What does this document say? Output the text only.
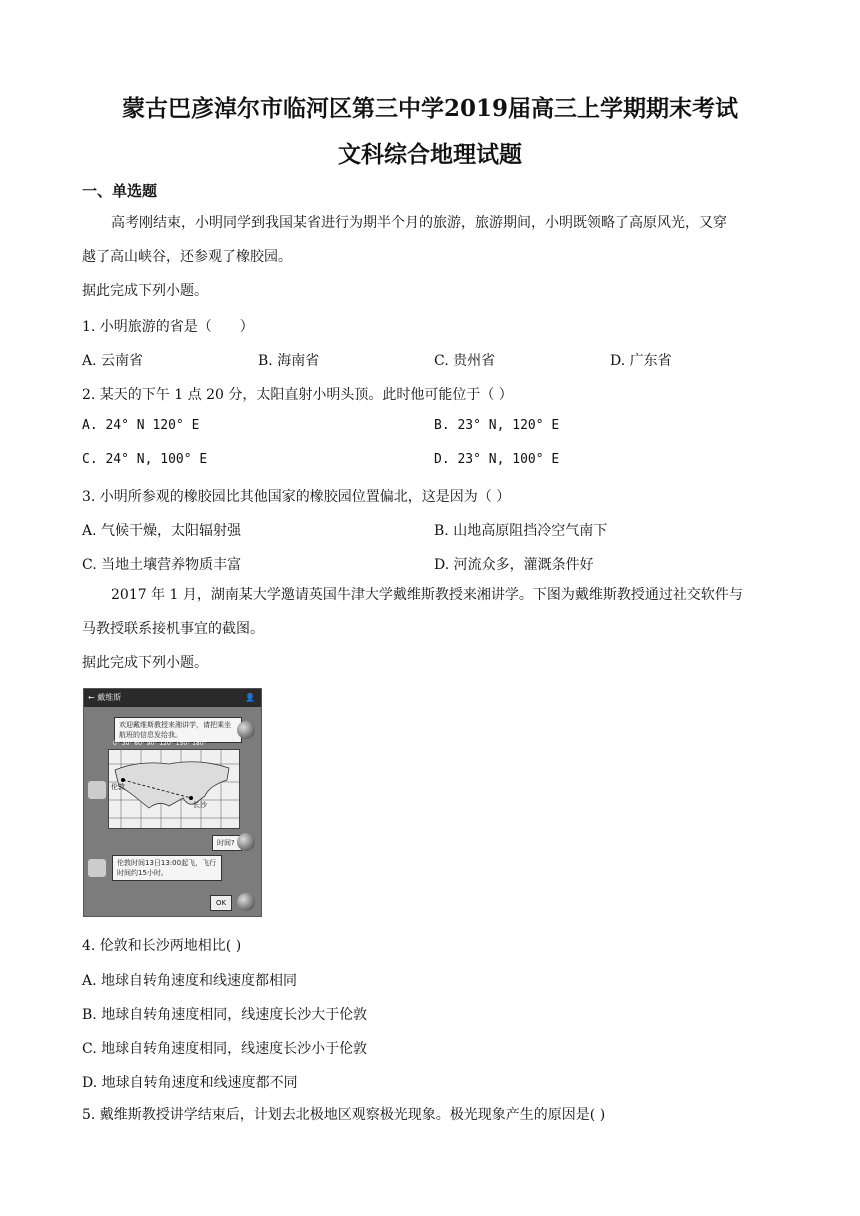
蒙古巴彦淖尔市临河区第三中学2019届高三上学期期末考试
文科综合地理试题
一、单选题
高考刚结束，小明同学到我国某省进行为期半个月的旅游，旅游期间，小明既领略了高原风光，又穿
越了高山峡谷，还参观了橡胶园。
据此完成下列小题。
1. 小明旅游的省是（　　）
A. 云南省	B. 海南省	C. 贵州省	D. 广东省
2. 某天的下午 1 点 20 分，太阳直射小明头顶。此时他可能位于（ ）
A. 24° N 120° E	B. 23° N, 120° E
C. 24° N, 100° E	D. 23° N, 100° E
3. 小明所参观的橡胶园比其他国家的橡胶园位置偏北，这是因为（ ）
A. 气候干燥，太阳辐射强	B. 山地高原阻挡冷空气南下
C. 当地土壤营养物质丰富	D. 河流众多，灌溉条件好
2017 年 1 月，湖南某大学邀请英国牛津大学戴维斯教授来湘讲学。下图为戴维斯教授通过社交软件与
马教授联系接机事宜的截图。
据此完成下列小题。
← 戴维斯	👤
欢迎戴维斯教授来湘讲学，请把乘坐航班的信息发给我。
0° 30° 60° 90° 120° 150° 180°
伦敦
长沙
时间?
伦敦时间13日13:00起飞，飞行时间约15小时。
OK
4. 伦敦和长沙两地相比( )
A. 地球自转角速度和线速度都相同
B. 地球自转角速度相同，线速度长沙大于伦敦
C. 地球自转角速度相同，线速度长沙小于伦敦
D. 地球自转角速度和线速度都不同
5. 戴维斯教授讲学结束后，计划去北极地区观察极光现象。极光现象产生的原因是( )
